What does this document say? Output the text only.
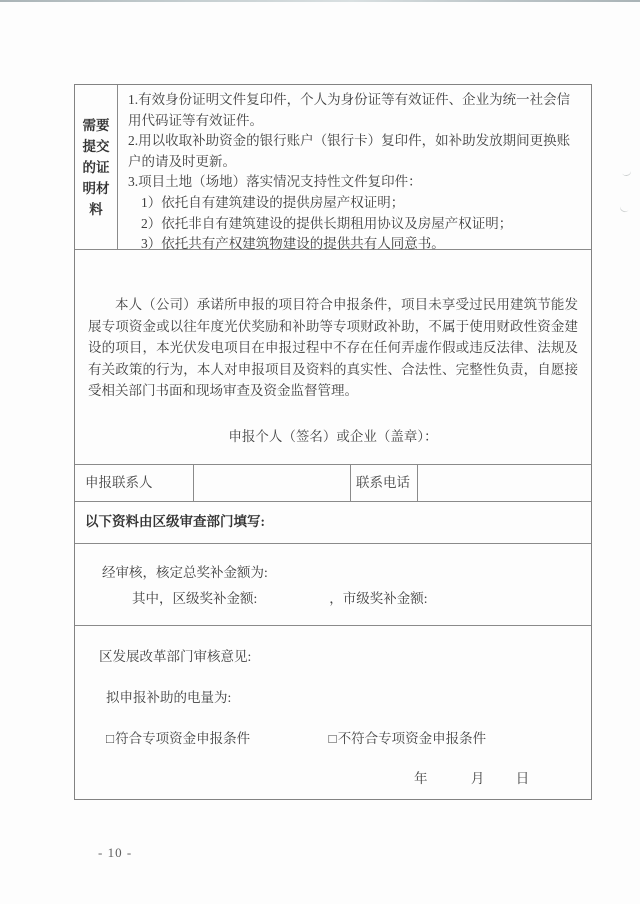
需要提交的证明材料

1.有效身份证明文件复印件，个人为身份证等有效证件、企业为统一社会信用代码证等有效证件。

2.用以收取补助资金的银行账户（银行卡）复印件，如补助发放期间更换账户的请及时更新。

3.项目土地（场地）落实情况支持性文件复印件：

1）依托自有建筑建设的提供房屋产权证明；

2）依托非自有建筑建设的提供长期租用协议及房屋产权证明；

3）依托共有产权建筑物建设的提供共有人同意书。

本人（公司）承诺所申报的项目符合申报条件，项目未享受过民用建筑节能发展专项资金或以往年度光伏奖励和补助等专项财政补助，不属于使用财政性资金建设的项目，本光伏发电项目在申报过程中不存在任何弄虚作假或违反法律、法规及有关政策的行为，本人对申报项目及资料的真实性、合法性、完整性负责，自愿接受相关部门书面和现场审查及资金监督管理。

申报个人（签名）或企业（盖章）：
申报联系人	联系电话
以下资料由区级审查部门填写:
经审核，核定总奖补金额为:
其中，区级奖补金额:	，市级奖补金额:
区发展改革部门审核意见:
拟申报补助的电量为:
□符合专项资金申报条件	□不符合专项资金申报条件
年	月 日
- 10 -
